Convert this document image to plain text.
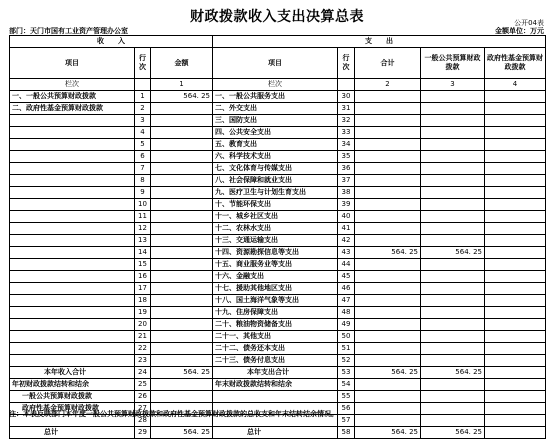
财政拨款收入支出决算总表	公开04表
部门：天门市国有工业资产管理办公室	金额单位：万元
收　　入			支　　出				
项目	行次	金额	项目	行次	合计	一般公共预算财政拨款	政府性基金预算财政拨款
栏次		1	栏次		2	3	4
一、一般公共预算财政拨款	1	564. 25	一、一般公共服务支出	30			
二、政府性基金预算财政拨款	2		二、外交支出	31			
	3		三、国防支出	32			
	4		四、公共安全支出	33			
	5		五、教育支出	34			
	6		六、科学技术支出	35			
	7		七、文化体育与传媒支出	36			
	8		八、社会保障和就业支出	37			
	9		九、医疗卫生与计划生育支出	38			
	10		十、节能环保支出	39			
	11		十一、城乡社区支出	40			
	12		十二、农林水支出	41			
	13		十三、交通运输支出	42			
	14		十四、资源勘探信息等支出	43	564. 25	564. 25	
	15		十五、商业服务业等支出	44			
	16		十六、金融支出	45			
	17		十七、援助其他地区支出	46			
	18		十八、国土海洋气象等支出	47			
	19		十九、住房保障支出	48			
	20		二十、粮油物资储备支出	49			
	21		二十一、其他支出	50			
	22		二十二、债务还本支出	51			
	23		二十三、债务付息支出	52			
本年收入合计	24	564. 25	本年支出合计	53	564. 25	564. 25	
年初财政拨款结转和结余	25		年末财政拨款结转和结余	54			
一般公共预算财政拨款	26			55			
政府性基金预算财政拨款	27			56			
	28			57			
总计	29	564. 25	总计	58	564. 25	564. 25	
注：本表反映部门本年度一般公共预算财政拨款和政府性基金预算财政拨款的总收支和年末结转结余情况。
